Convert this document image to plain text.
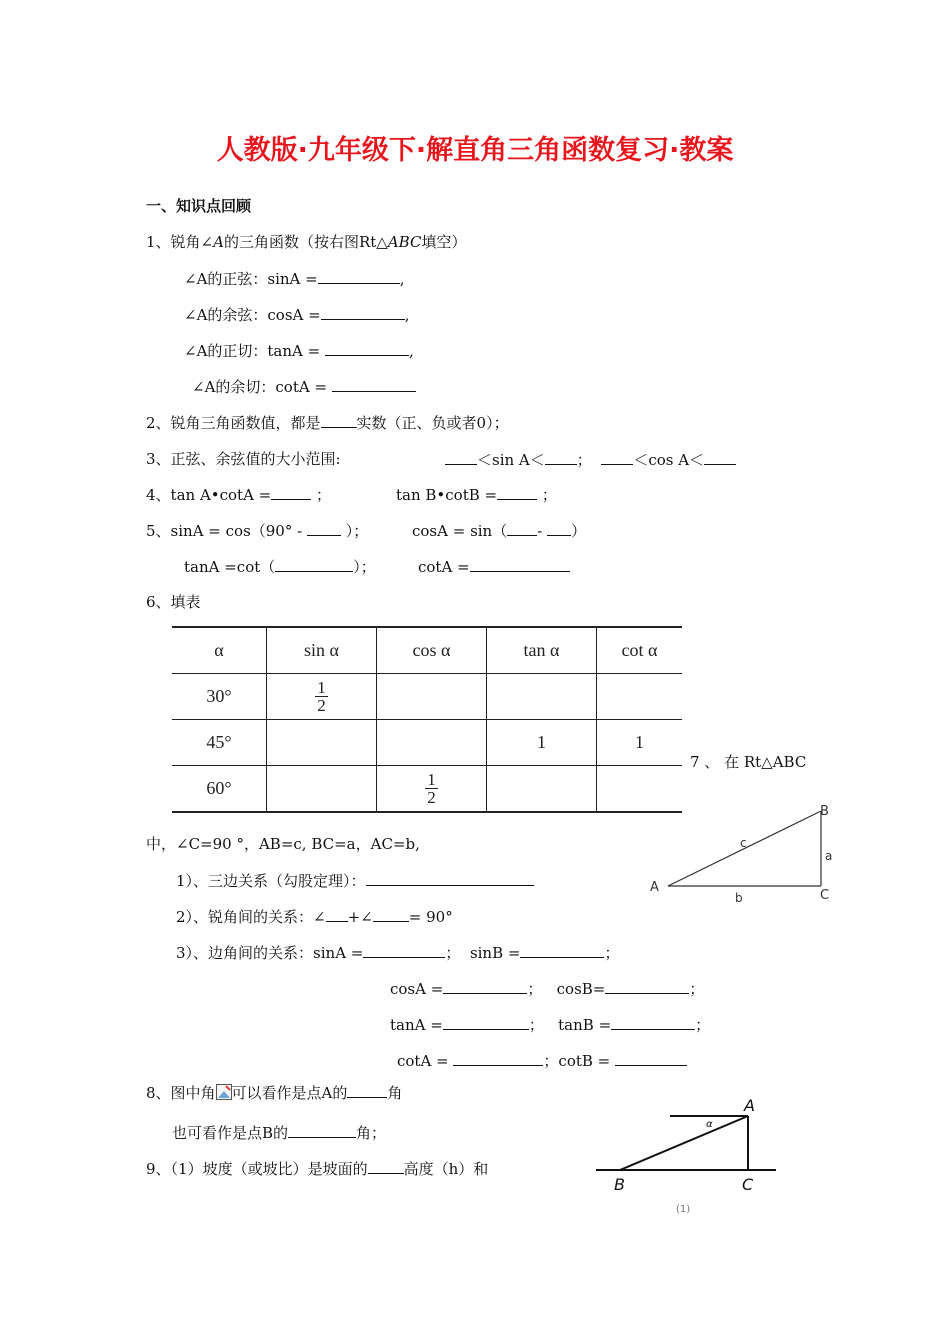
人教版·九年级下·解直角三角函数复习·教案
一、知识点回顾
1、锐角∠A的三角函数（按右图Rt△ABC填空）
∠A的正弦：sinA =	,
∠A的余弦：cosA =	,
∠A的正切：tanA =	,
∠A的余切：cotA =
2、锐角三角函数值，都是 实数（正、负或者0）；
3、正弦、余弦值的大小范围:	＜sin A＜ ；	＜cos A＜
4、tan A•cotA =	；	tan B•cotB =	；
5、sinA = cos（90° -	）；	cosA = sin（ - ）
tanA =cot（	）；	cotA =
6、填表
α	sin α	cos α	tan α	cot α
30°	$\frac{1}{2}$

45°			1	1
60°		$\frac{1}{2}$

7 、 在 Rt△ABC
B
A
C
c
a
b
中，∠C=90 °，AB=c, BC=a，AC=b,
1）、三边关系（勾股定理）：
2）、锐角间的关系：∠ +∠ = 90°
3）、边角间的关系：sinA =	； sinB =	；
cosA =	； cosB=	；
tanA =	； tanB =	；
cotA =	；cotB =
8、图中角 可以看作是点A的	角
也可看作是点B的	角；
9、（1）坡度（或坡比）是坡面的 高度（h）和
A
B	C
α
(1)
